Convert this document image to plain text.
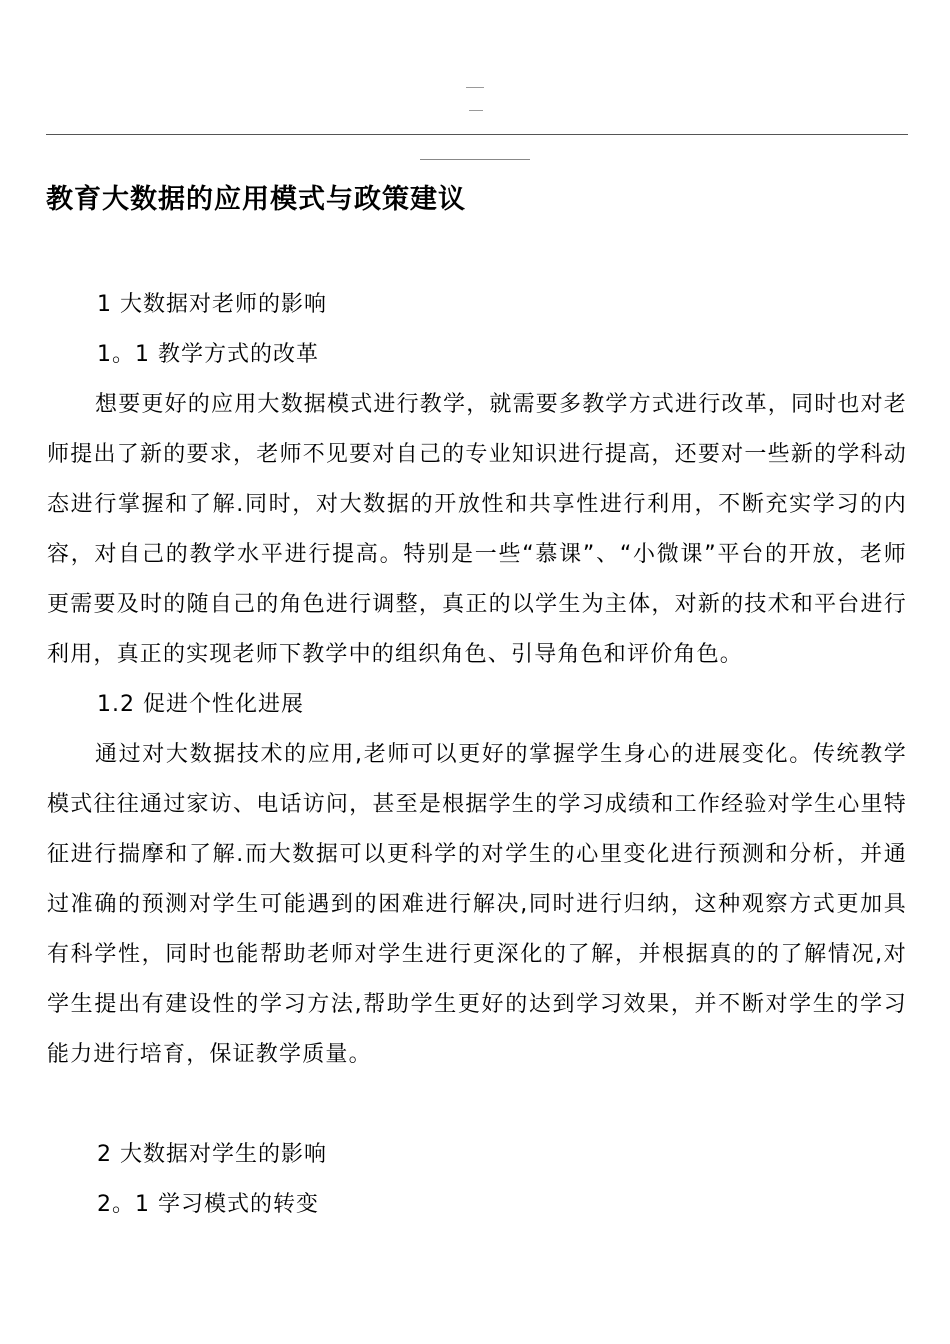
教育大数据的应用模式与政策建议
1 大数据对老师的影响
1。1 教学方式的改革

想要更好的应用大数据模式进行教学，就需要多教学方式进行改革，同时也对老师提出了新的要求，老师不见要对自己的专业知识进行提高，还要对一些新的学科动态进行掌握和了解.同时，对大数据的开放性和共享性进行利用，不断充实学习的内容，对自己的教学水平进行提高。特别是一些“慕课”、“小微课”平台的开放，老师更需要及时的随自己的角色进行调整，真正的以学生为主体，对新的技术和平台进行利用，真正的实现老师下教学中的组织角色、引导角色和评价角色。

1.2 促进个性化进展

通过对大数据技术的应用,老师可以更好的掌握学生身心的进展变化。传统教学模式往往通过家访、电话访问，甚至是根据学生的学习成绩和工作经验对学生心里特征进行揣摩和了解.而大数据可以更科学的对学生的心里变化进行预测和分析，并通过准确的预测对学生可能遇到的困难进行解决,同时进行归纳，这种观察方式更加具有科学性，同时也能帮助老师对学生进行更深化的了解，并根据真的的了解情况,对学生提出有建设性的学习方法,帮助学生更好的达到学习效果，并不断对学生的学习能力进行培育，保证教学质量。

2 大数据对学生的影响
2。1 学习模式的转变
